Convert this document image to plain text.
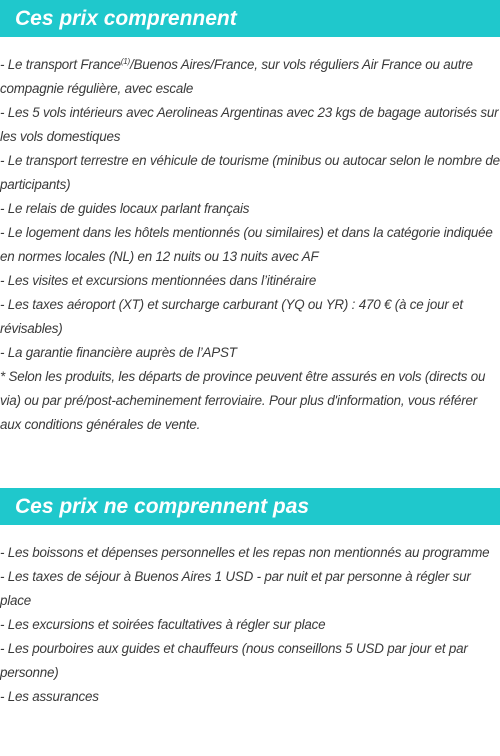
Ces prix comprennent

- Le transport France$^{(1)}$/Buenos Aires/France, sur vols réguliers Air France ou autre compagnie régulière, avec escale

- Les 5 vols intérieurs avec Aerolineas Argentinas avec 23 kgs de bagage autorisés sur les vols domestiques

- Le transport terrestre en véhicule de tourisme (minibus ou autocar selon le nombre de participants)

- Le relais de guides locaux parlant français

- Le logement dans les hôtels mentionnés (ou similaires) et dans la catégorie indiquée en normes locales (NL) en 12 nuits ou 13 nuits avec AF

- Les visites et excursions mentionnées dans l’itinéraire

- Les taxes aéroport (XT) et surcharge carburant (YQ ou YR) : 470 € (à ce jour et révisables)

- La garantie financière auprès de l’APST

* Selon les produits, les départs de province peuvent être assurés en vols (directs ou via) ou par pré/post-acheminement ferroviaire. Pour plus d'information, vous référer aux conditions générales de vente.

Ces prix ne comprennent pas

- Les boissons et dépenses personnelles et les repas non mentionnés au programme

- Les taxes de séjour à Buenos Aires 1 USD - par nuit et par personne à régler sur place

- Les excursions et soirées facultatives à régler sur place

- Les pourboires aux guides et chauffeurs (nous conseillons 5 USD par jour et par personne)

- Les assurances
